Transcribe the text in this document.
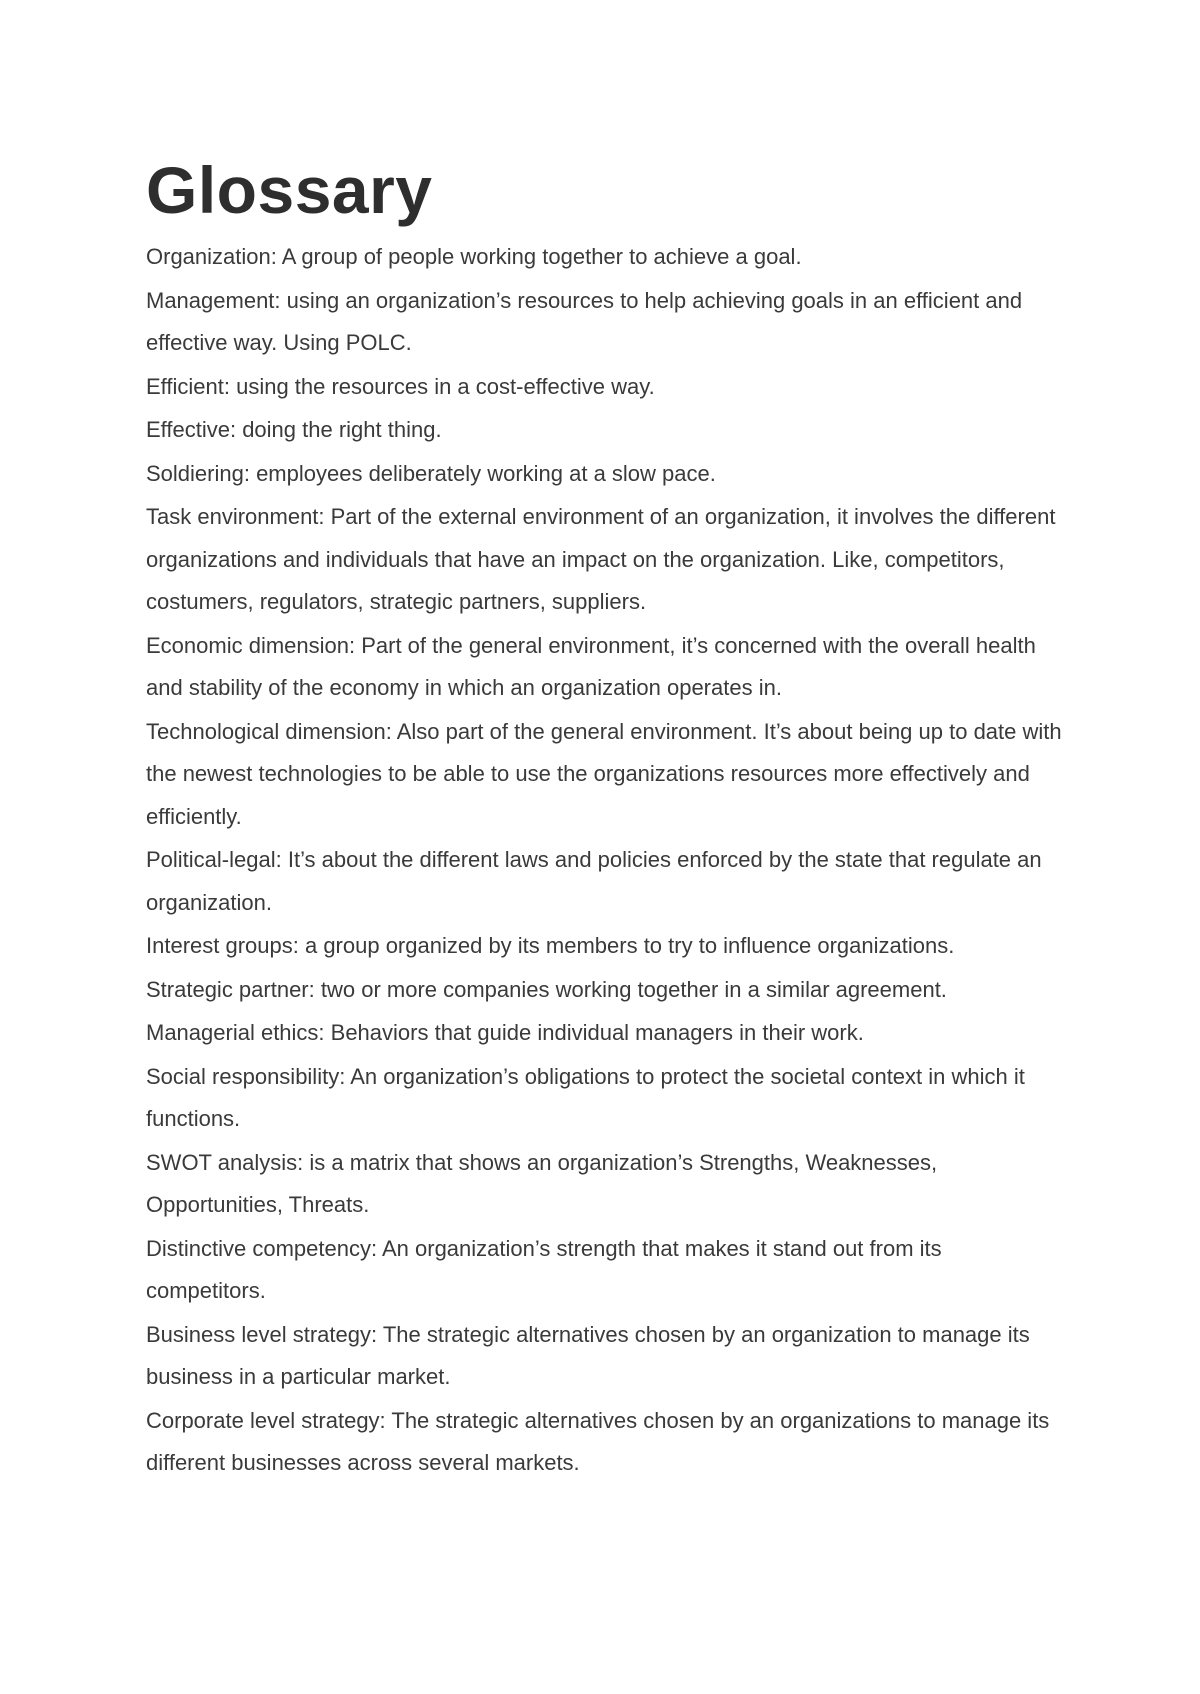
Glossary
Organization: A group of people working together to achieve a goal.
Management: using an organization’s resources to help achieving goals in an efficient and effective way. Using POLC.
Efficient: using the resources in a cost-effective way.
Effective: doing the right thing.
Soldiering: employees deliberately working at a slow pace.
Task environment: Part of the external environment of an organization, it involves the different organizations and individuals that have an impact on the organization. Like, competitors, costumers, regulators, strategic partners, suppliers.
Economic dimension: Part of the general environment, it’s concerned with the overall health and stability of the economy in which an organization operates in.
Technological dimension: Also part of the general environment. It’s about being up to date with the newest technologies to be able to use the organizations resources more effectively and efficiently.
Political-legal: It’s about the different laws and policies enforced by the state that regulate an organization.
Interest groups: a group organized by its members to try to influence organizations.
Strategic partner: two or more companies working together in a similar agreement.
Managerial ethics: Behaviors that guide individual managers in their work.
Social responsibility: An organization’s obligations to protect the societal context in which it functions.
SWOT analysis: is a matrix that shows an organization’s Strengths, Weaknesses, Opportunities, Threats.
Distinctive competency: An organization’s strength that makes it stand out from its competitors.
Business level strategy: The strategic alternatives chosen by an organization to manage its business in a particular market.
Corporate level strategy: The strategic alternatives chosen by an organizations to manage its different businesses across several markets.
